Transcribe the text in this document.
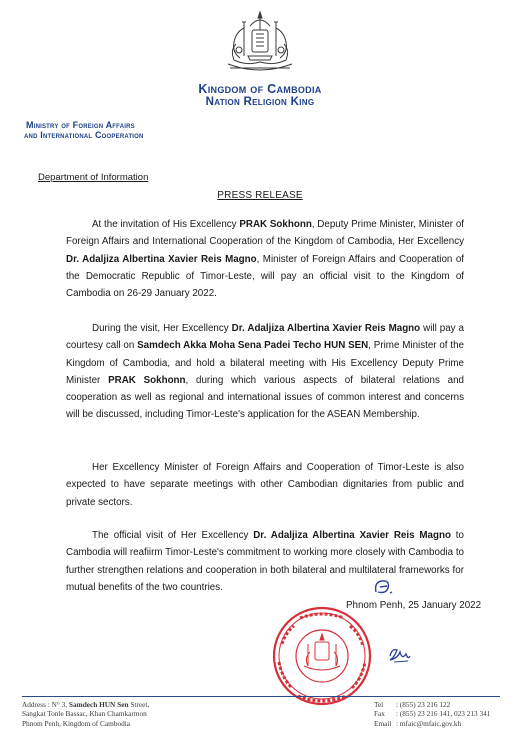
Kingdom of Cambodia
Nation Religion King
Ministry of Foreign Affairs
and International Cooperation
Department of Information
PRESS RELEASE

At the invitation of His Excellency PRAK Sokhonn, Deputy Prime Minister, Minister of Foreign Affairs and International Cooperation of the Kingdom of Cambodia, Her Excellency Dr. Adaljiza Albertina Xavier Reis Magno, Minister of Foreign Affairs and Cooperation of the Democratic Republic of Timor-Leste, will pay an official visit to the Kingdom of Cambodia on 26-29 January 2022.

During the visit, Her Excellency Dr. Adaljiza Albertina Xavier Reis Magno will pay a courtesy call on Samdech Akka Moha Sena Padei Techo HUN SEN, Prime Minister of the Kingdom of Cambodia, and hold a bilateral meeting with His Excellency Deputy Prime Minister PRAK Sokhonn, during which various aspects of bilateral relations and cooperation as well as regional and international issues of common interest and concerns will be discussed, including Timor-Leste's application for the ASEAN Membership.

Her Excellency Minister of Foreign Affairs and Cooperation of Timor-Leste is also expected to have separate meetings with other Cambodian dignitaries from public and private sectors.

The official visit of Her Excellency Dr. Adaljiza Albertina Xavier Reis Magno to Cambodia will reafiirm Timor-Leste's commitment to working more closely with Cambodia to further strengthen relations and cooperation in both bilateral and multilateral frameworks for mutual benefits of the two countries.

Phnom Penh, 25 January 2022
Address : N° 3, Samdech HUN Sen Street,
Sangkat Tonle Bassac, Khan Chamkarmon
Phnom Penh, Kingdom of Cambodia
Tel : (855) 23 216 122
Fax : (855) 23 216 141, 023 213 341
Email : mfaic@mfaic.gov.kh
